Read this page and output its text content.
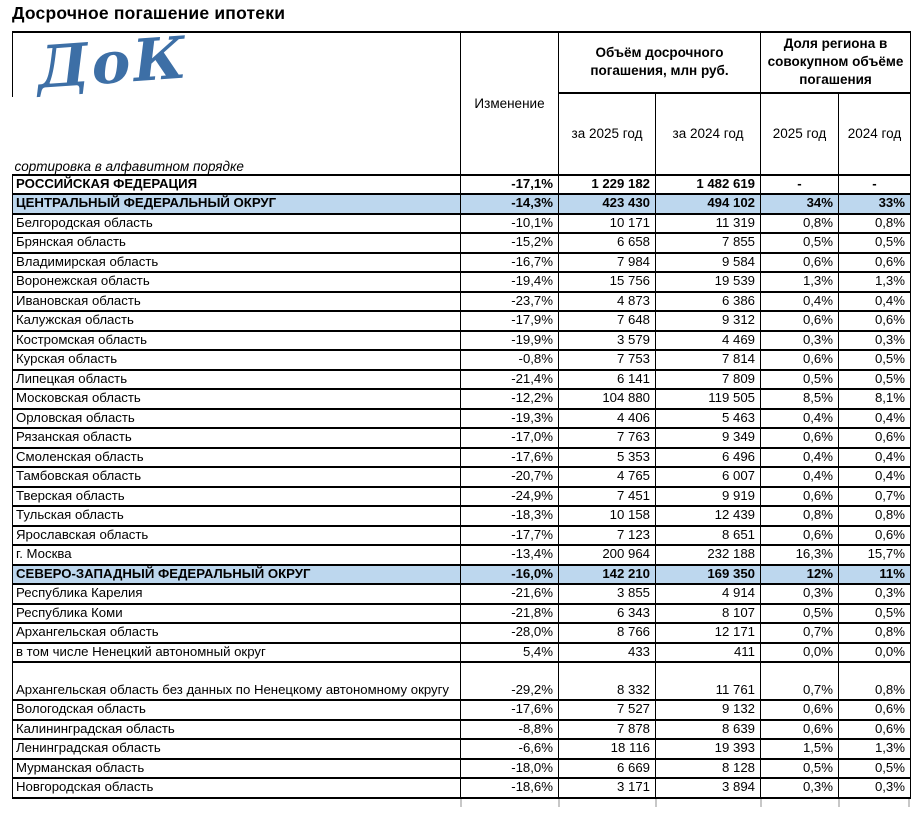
Досрочное погашение ипотеки
ДоК
сортировка в алфавитном порядке	Изменение	Объём досрочного погашения, млн руб.		Доля региона в совокупном объёме погашения	
		за 2025 год	за 2024 год	2025 год	2024 год
РОССИЙСКАЯ ФЕДЕРАЦИЯ	-17,1%	1 229 182	1 482 619	-	-
ЦЕНТРАЛЬНЫЙ ФЕДЕРАЛЬНЫЙ ОКРУГ	-14,3%	423 430	494 102	34%	33%
Белгородская область	-10,1%	10 171	11 319	0,8%	0,8%
Брянская область	-15,2%	6 658	7 855	0,5%	0,5%
Владимирская область	-16,7%	7 984	9 584	0,6%	0,6%
Воронежская область	-19,4%	15 756	19 539	1,3%	1,3%
Ивановская область	-23,7%	4 873	6 386	0,4%	0,4%
Калужская область	-17,9%	7 648	9 312	0,6%	0,6%
Костромская область	-19,9%	3 579	4 469	0,3%	0,3%
Курская область	-0,8%	7 753	7 814	0,6%	0,5%
Липецкая область	-21,4%	6 141	7 809	0,5%	0,5%
Московская область	-12,2%	104 880	119 505	8,5%	8,1%
Орловская область	-19,3%	4 406	5 463	0,4%	0,4%
Рязанская область	-17,0%	7 763	9 349	0,6%	0,6%
Смоленская область	-17,6%	5 353	6 496	0,4%	0,4%
Тамбовская область	-20,7%	4 765	6 007	0,4%	0,4%
Тверская область	-24,9%	7 451	9 919	0,6%	0,7%
Тульская область	-18,3%	10 158	12 439	0,8%	0,8%
Ярославская область	-17,7%	7 123	8 651	0,6%	0,6%
г. Москва	-13,4%	200 964	232 188	16,3%	15,7%
СЕВЕРО-ЗАПАДНЫЙ ФЕДЕРАЛЬНЫЙ ОКРУГ	-16,0%	142 210	169 350	12%	11%
Республика Карелия	-21,6%	3 855	4 914	0,3%	0,3%
Республика Коми	-21,8%	6 343	8 107	0,5%	0,5%
Архангельская область	-28,0%	8 766	12 171	0,7%	0,8%
в том числе Ненецкий автономный округ	5,4%	433	411	0,0%	0,0%
Архангельская область без данных по Ненецкому автономному округу	-29,2%	8 332	11 761	0,7%	0,8%
Вологодская область	-17,6%	7 527	9 132	0,6%	0,6%
Калининградская область	-8,8%	7 878	8 639	0,6%	0,6%
Ленинградская область	-6,6%	18 116	19 393	1,5%	1,3%
Мурманская область	-18,0%	6 669	8 128	0,5%	0,5%
Новгородская область	-18,6%	3 171	3 894	0,3%	0,3%
